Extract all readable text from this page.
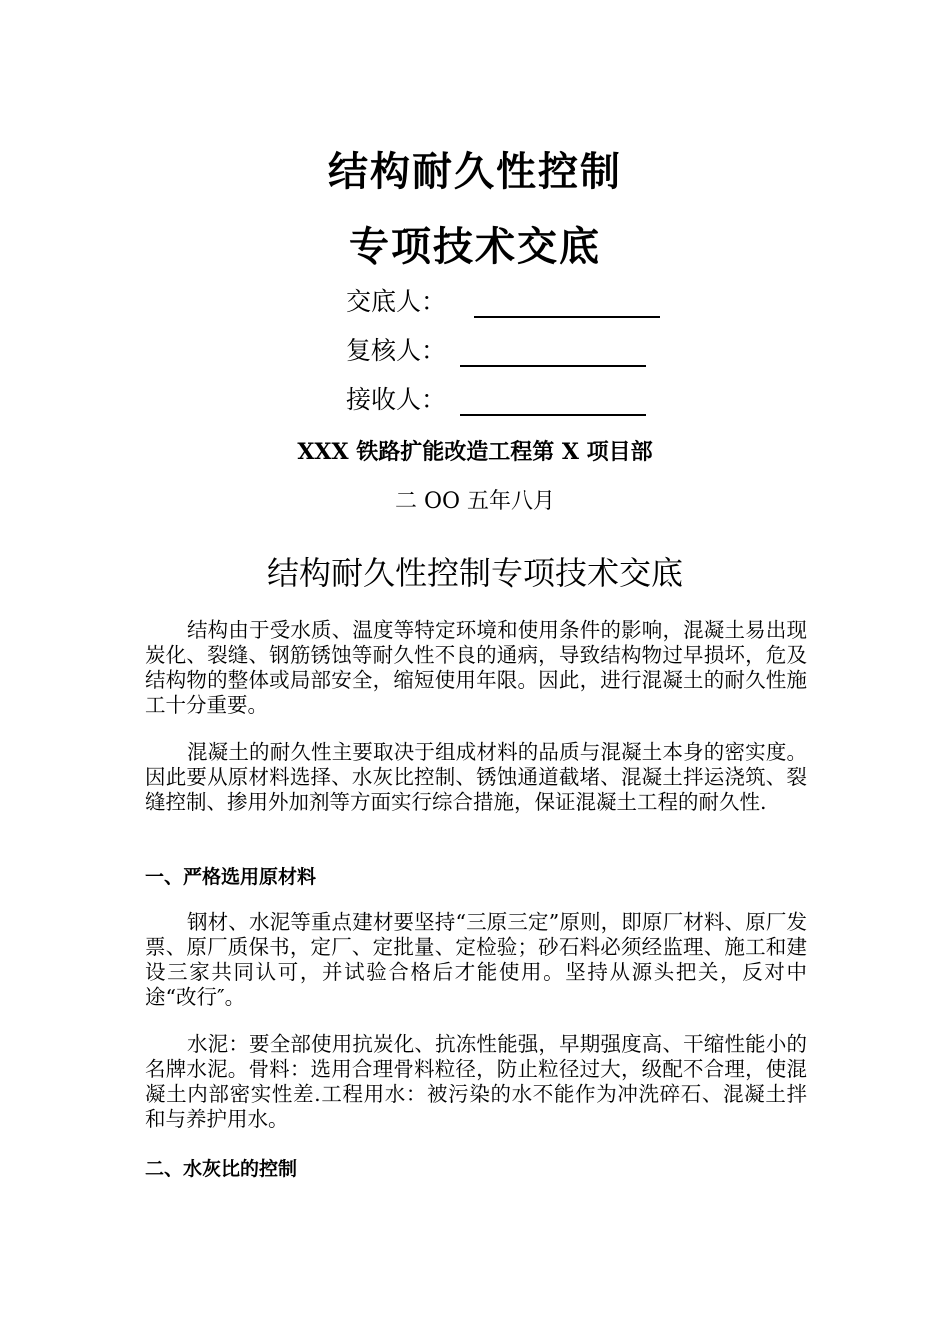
结构耐久性控制
专项技术交底
交底人：
复核人：
接收人：
XXX 铁路扩能改造工程第 X 项目部
二 OO 五年八月
结构耐久性控制专项技术交底

结构由于受水质、温度等特定环境和使用条件的影响，混凝土易出现炭化、裂缝、钢筋锈蚀等耐久性不良的通病，导致结构物过早损坏，危及结构物的整体或局部安全，缩短使用年限。因此，进行混凝土的耐久性施工十分重要。

混凝土的耐久性主要取决于组成材料的品质与混凝土本身的密实度。因此要从原材料选择、水灰比控制、锈蚀通道截堵、混凝土拌运浇筑、裂缝控制、掺用外加剂等方面实行综合措施，保证混凝土工程的耐久性.

一、严格选用原材料

钢材、水泥等重点建材要坚持“三原三定”原则，即原厂材料、原厂发票、原厂质保书，定厂、定批量、定检验；砂石料必须经监理、施工和建设三家共同认可，并试验合格后才能使用。坚持从源头把关，反对中途“改行″。

水泥：要全部使用抗炭化、抗冻性能强，早期强度高、干缩性能小的名牌水泥。骨料：选用合理骨料粒径，防止粒径过大，级配不合理，使混凝土内部密实性差.工程用水：被污染的水不能作为冲洗碎石、混凝土拌和与养护用水。

二、水灰比的控制
